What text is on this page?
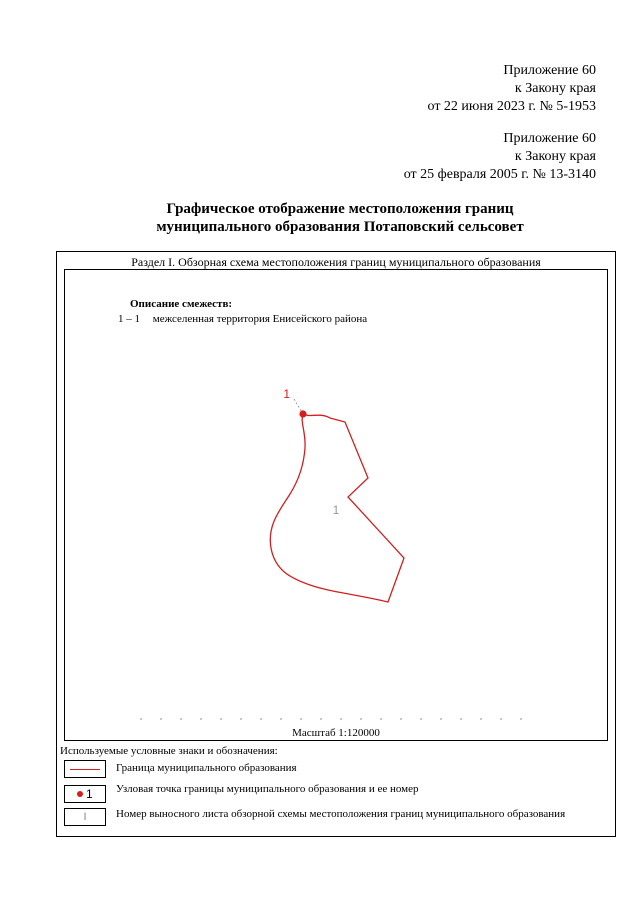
Приложение 60
к Закону края
от 22 июня 2023 г. № 5-1953
Приложение 60
к Закону края
от 25 февраля 2005 г. № 13-3140
Графическое отображение местоположения границ
муниципального образования Потаповский сельсовет
Раздел I. Обзорная схема местоположения границ муниципального образования
Описание смежеств:
1 – 1 межселенная территория Енисейского района
1
1
Масштаб 1:120000
Используемые условные знаки и обозначения:
Граница муниципального образования
1 Узловая точка границы муниципального образования и ее номер
I	Номер выносного листа обзорной схемы местоположения границ муниципального образования
